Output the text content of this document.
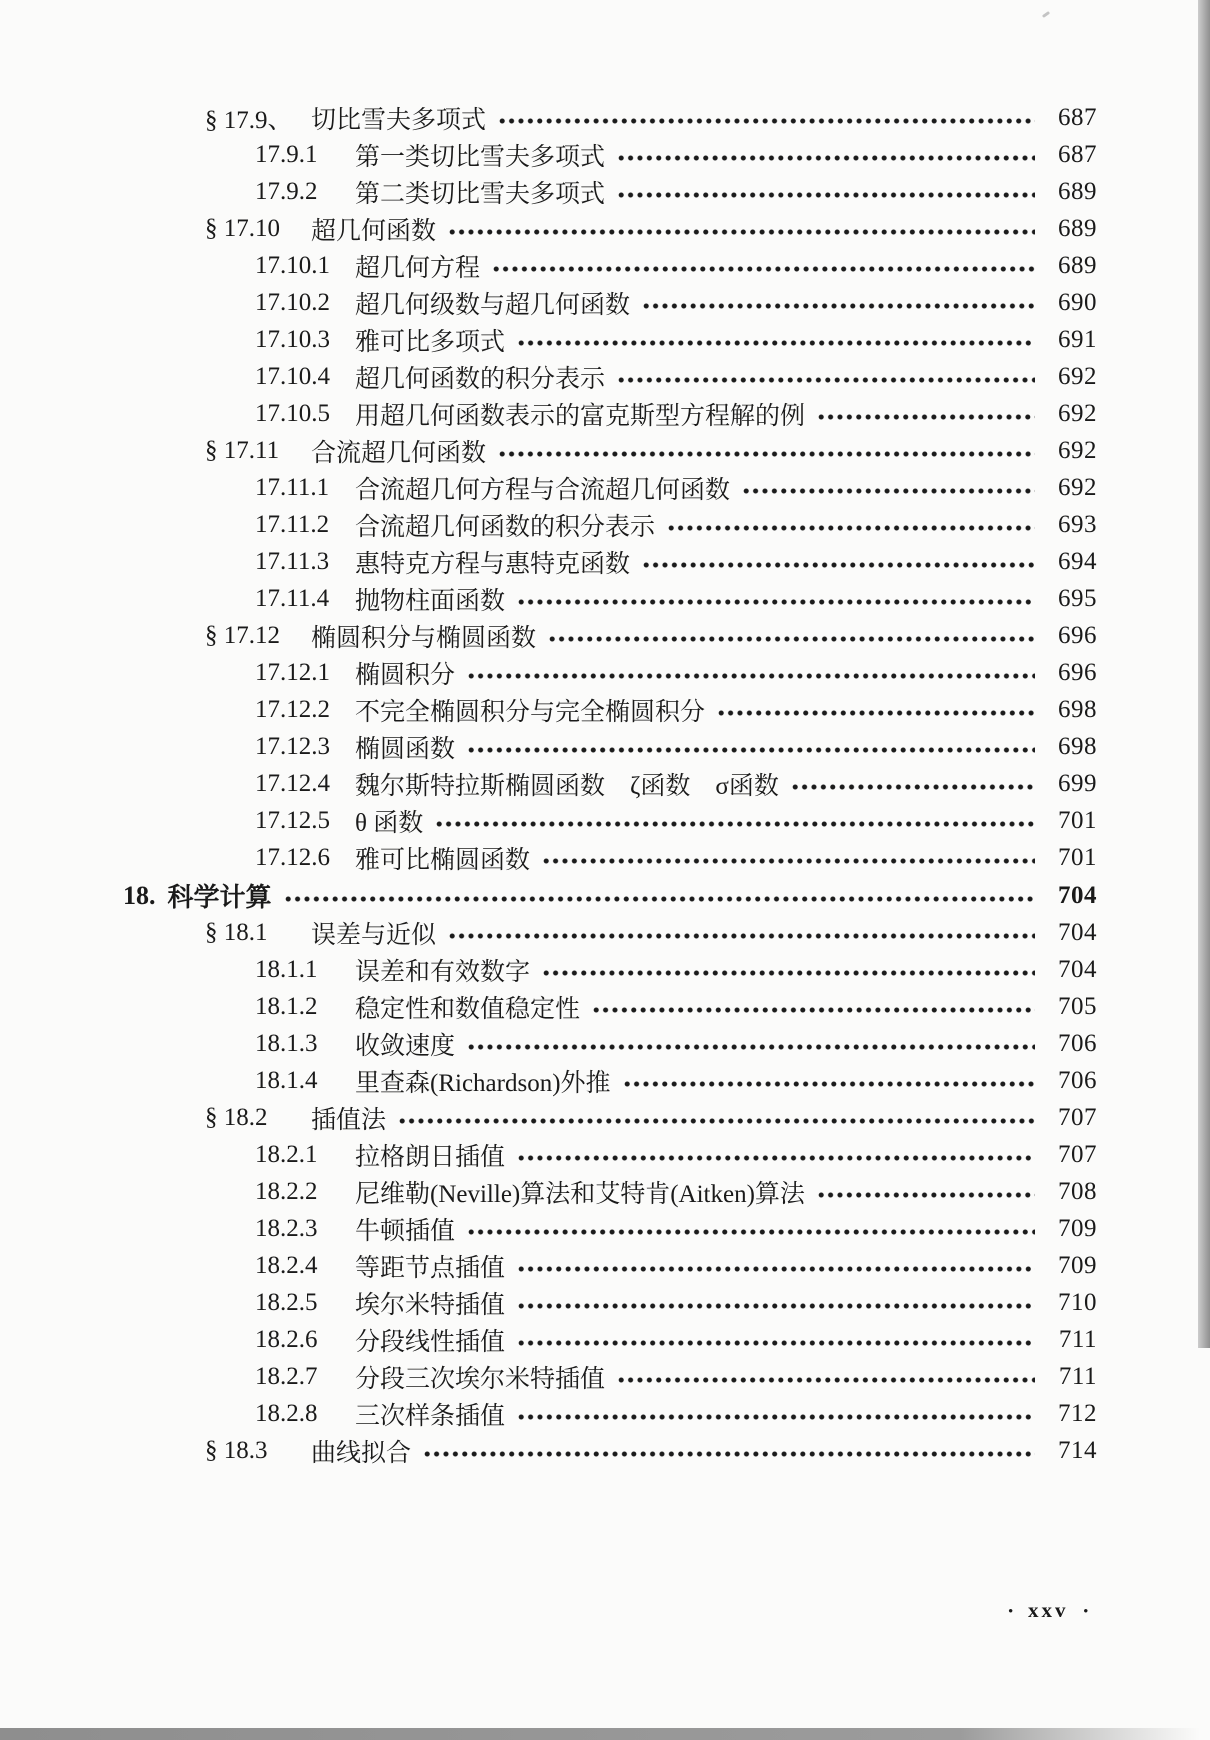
§ 17.9、 切比雪夫多项式	687
17.9.1	第一类切比雪夫多项式	687
17.9.2	第二类切比雪夫多项式	689
§ 17.10	超几何函数	689
17.10.1	超几何方程	689
17.10.2	超几何级数与超几何函数	690
17.10.3	雅可比多项式	691
17.10.4	超几何函数的积分表示	692
17.10.5	用超几何函数表示的富克斯型方程解的例	692
§ 17.11	合流超几何函数	692
17.11.1	合流超几何方程与合流超几何函数	692
17.11.2	合流超几何函数的积分表示	693
17.11.3	惠特克方程与惠特克函数	694
17.11.4	抛物柱面函数	695
§ 17.12	椭圆积分与椭圆函数	696
17.12.1	椭圆积分	696
17.12.2	不完全椭圆积分与完全椭圆积分	698
17.12.3	椭圆函数	698
17.12.4	魏尔斯特拉斯椭圆函数　ζ函数　σ函数	699
17.12.5	θ 函数	701
17.12.6	雅可比椭圆函数	701
18. 科学计算	704
§ 18.1	误差与近似	704
18.1.1	误差和有效数字	704
18.1.2	稳定性和数值稳定性	705
18.1.3	收敛速度	706
18.1.4	里查森(Richardson)外推	706
§ 18.2	插值法	707
18.2.1	拉格朗日插值	707
18.2.2	尼维勒(Neville)算法和艾特肯(Aitken)算法	708
18.2.3	牛顿插值	709
18.2.4	等距节点插值	709
18.2.5	埃尔米特插值	710
18.2.6	分段线性插值	711
18.2.7	分段三次埃尔米特插值	711
18.2.8	三次样条插值	712
§ 18.3	曲线拟合	714
• xxv •
